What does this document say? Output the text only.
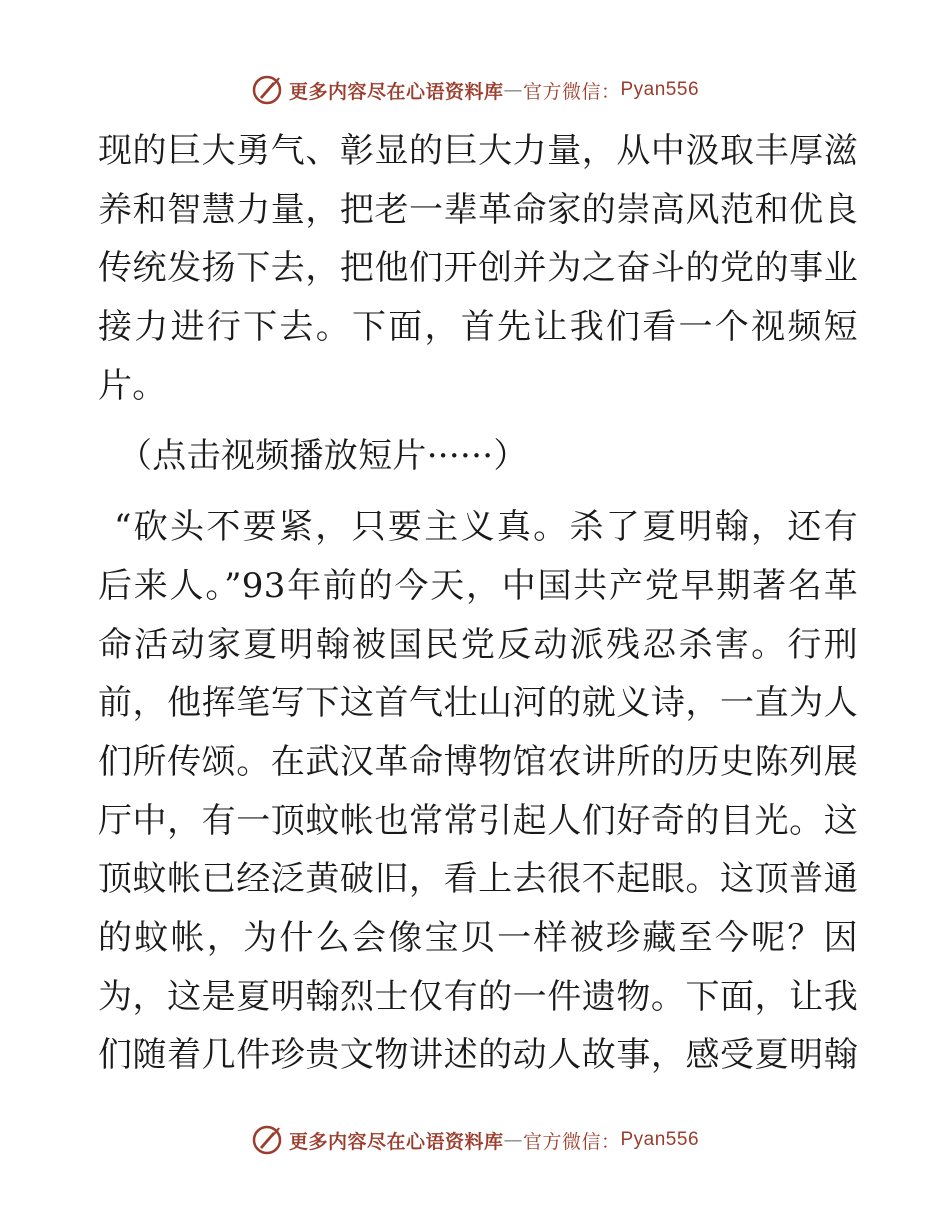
更多内容尽在心语资料库 — 官方微信： Pyan556
现的巨大勇气、彰显的巨大力量，从中汲取丰厚滋
养和智慧力量，把老一辈革命家的崇高风范和优良
传统发扬下去，把他们开创并为之奋斗的党的事业
接力进行下去。下面，首先让我们看一个视频短
片。
（点击视频播放短片······）
“砍头不要紧，只要主义真。杀了夏明翰，还有
后来人。”93年前的今天，中国共产党早期著名革
命活动家夏明翰被国民党反动派残忍杀害。行刑
前，他挥笔写下这首气壮山河的就义诗，一直为人
们所传颂。在武汉革命博物馆农讲所的历史陈列展
厅中，有一顶蚊帐也常常引起人们好奇的目光。这
顶蚊帐已经泛黄破旧，看上去很不起眼。这顶普通
的蚊帐，为什么会像宝贝一样被珍藏至今呢？因
为，这是夏明翰烈士仅有的一件遗物。下面，让我
们随着几件珍贵文物讲述的动人故事，感受夏明翰
更多内容尽在心语资料库 — 官方微信： Pyan556
